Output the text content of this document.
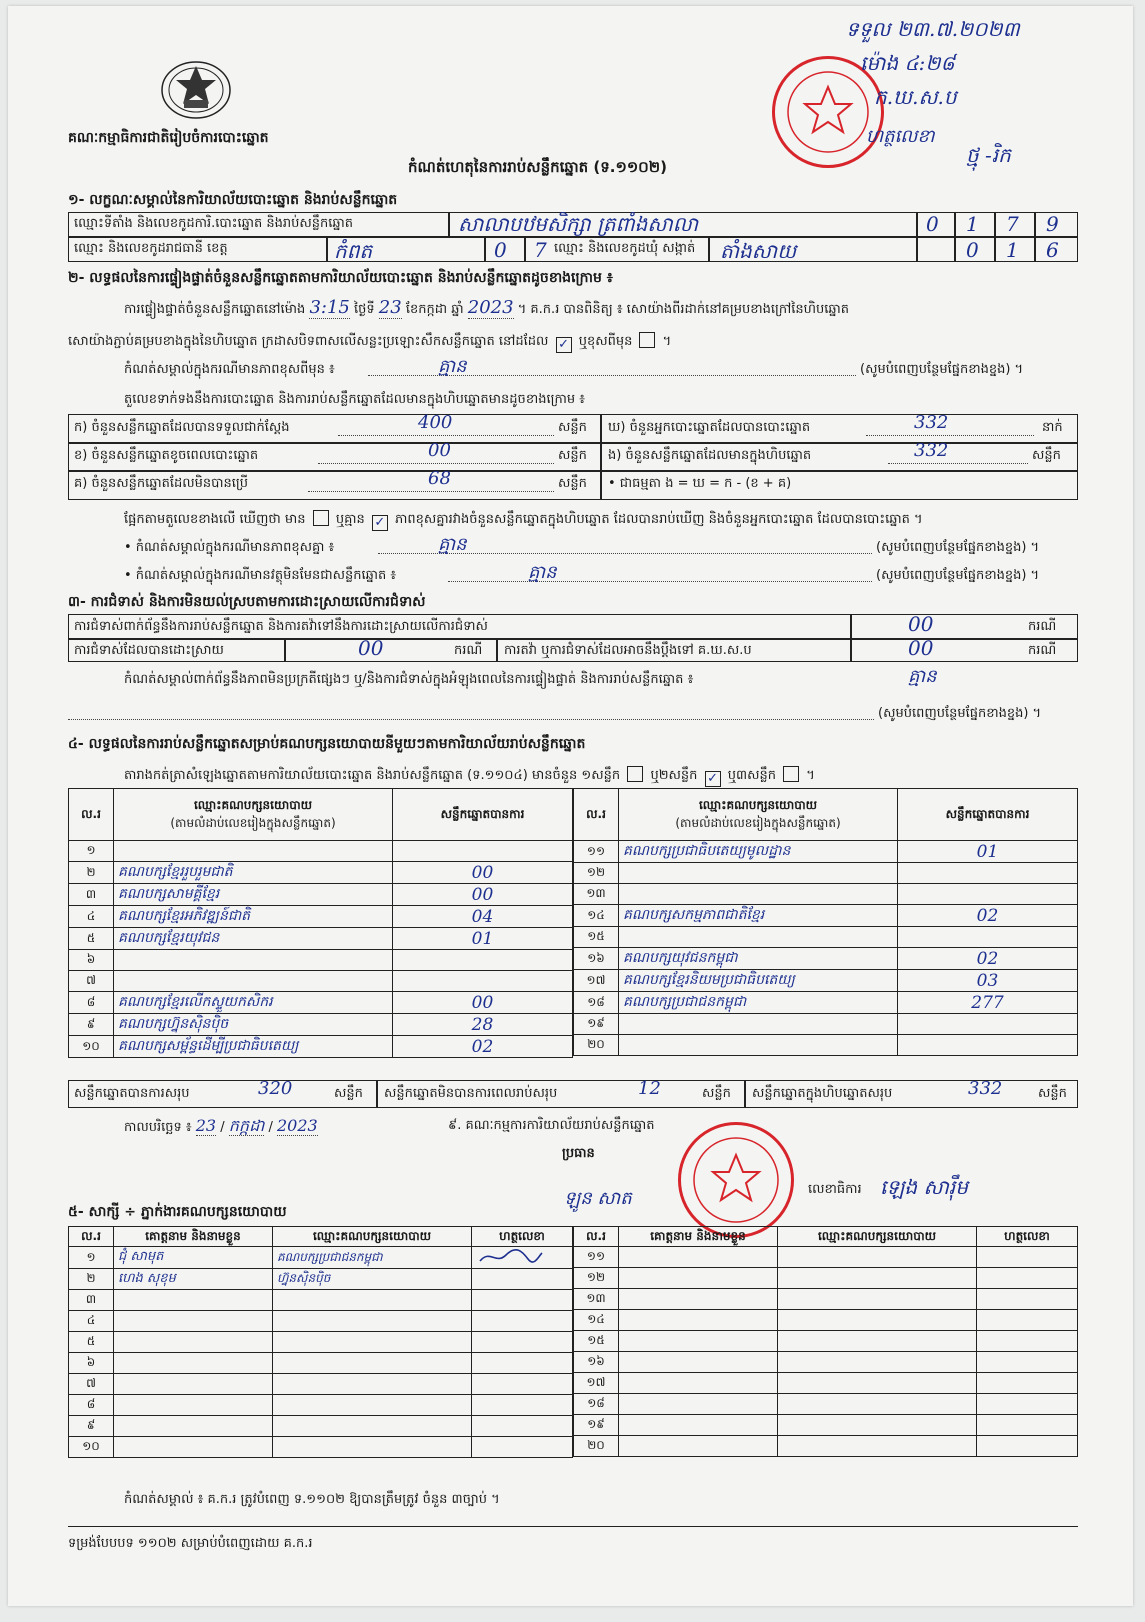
គណៈកម្មាធិការជាតិរៀបចំការបោះឆ្នោត
ទទួល ២៣.៧.២០២៣
ម៉ោង ៤:២៨
ក.ឃ.ស.ប
ហត្ថលេខា
ថ្មុ -រិក
កំណត់ហេតុនៃការរាប់សន្លឹកឆ្នោត (ទ.១១០២)
១- លក្ខណៈសម្គាល់នៃការិយាល័យបោះឆ្នោត និងរាប់សន្លឹកឆ្នោត
ឈ្មោះទីតាំង និងលេខកូដការិ.បោះឆ្នោត និងរាប់សន្លឹកឆ្នោត	សាលាបឋមសិក្សា ត្រពាំងសាលា	0 1 7 9
ឈ្មោះ និងលេខកូដរាជធានី ខេត្ត	កំពត	0 7 ឈ្មោះ និងលេខកូដឃុំ សង្កាត់ តាំងសាយ	0 1 6
២- លទ្ធផលនៃការផ្ទៀងផ្ទាត់ចំនួនសន្លឹកឆ្នោតតាមការិយាល័យបោះឆ្នោត និងរាប់សន្លឹកឆ្នោតដូចខាងក្រោម ៖
ការផ្ទៀងផ្ទាត់ចំនួនសន្លឹកឆ្នោតនៅម៉ោង 3:15 ថ្ងៃទី 23 ខែកក្កដា ឆ្នាំ 2023 ។ គ.ក.រ បានពិនិត្យ ៖ សោយ៉ាងពីរដាក់នៅគម្របខាងក្រៅនៃហិបឆ្នោត
សោយ៉ាងភ្ជាប់គម្របខាងក្នុងនៃហិបឆ្នោត ក្រដាសបិទពាសលើសន្លះប្រឡោះសឹកសន្លឹកឆ្នោត នៅដដែល ✓ ឬខុសពីមុន  ។
កំណត់សម្គាល់ក្នុងករណីមានភាពខុសពីមុន ៖	គ្មាន	(សូមបំពេញបន្ថែមផ្នែកខាងខ្នង) ។
តួលេខទាក់ទងនឹងការបោះឆ្នោត និងការរាប់សន្លឹកឆ្នោតដែលមានក្នុងហិបឆ្នោតមានដូចខាងក្រោម ៖
ក) ចំនួនសន្លឹកឆ្នោតដែលបានទទួលជាក់ស្តែង	400	សន្លឹក
ខ) ចំនួនសន្លឹកឆ្នោតខូចពេលបោះឆ្នោត	00	សន្លឹក
គ) ចំនួនសន្លឹកឆ្នោតដែលមិនបានប្រើ	68	សន្លឹក
ឃ) ចំនួនអ្នកបោះឆ្នោតដែលបានបោះឆ្នោត	332	នាក់
ង) ចំនួនសន្លឹកឆ្នោតដែលមានក្នុងហិបឆ្នោត	332	សន្លឹក
• ជាធម្មតា ង = ឃ = ក - (ខ + គ)
ផ្អែកតាមតួលេខខាងលើ ឃើញថា មាន ឬគ្មាន ✓ ភាពខុសគ្នារវាងចំនួនសន្លឹកឆ្នោតក្នុងហិបឆ្នោត ដែលបានរាប់ឃើញ និងចំនួនអ្នកបោះឆ្នោត ដែលបានបោះឆ្នោត ។
• កំណត់សម្គាល់ក្នុងករណីមានភាពខុសគ្នា ៖	គ្មាន	(សូមបំពេញបន្ថែមផ្នែកខាងខ្នង) ។
• កំណត់សម្គាល់ក្នុងករណីមានវត្ថុមិនមែនជាសន្លឹកឆ្នោត ៖	គ្មាន	(សូមបំពេញបន្ថែមផ្នែកខាងខ្នង) ។
៣- ការជំទាស់ និងការមិនយល់ស្របតាមការដោះស្រាយលើការជំទាស់
ការជំទាស់ពាក់ព័ន្ធនឹងការរាប់សន្លឹកឆ្នោត និងការតវ៉ាទៅនឹងការដោះស្រាយលើការជំទាស់	00	ករណី
ការជំទាស់ដែលបានដោះស្រាយ	00	ករណី ការតវ៉ា ឬការជំទាស់ដែលអាចនឹងប្តឹងទៅ គ.ឃ.ស.ប	00	ករណី
កំណត់សម្គាល់ពាក់ព័ន្ធនឹងភាពមិនប្រក្រតីផ្សេងៗ ឬ/និងការជំទាស់ក្នុងអំឡុងពេលនៃការផ្ទៀងផ្ទាត់ និងការរាប់សន្លឹកឆ្នោត ៖	គ្មាន
(សូមបំពេញបន្ថែមផ្នែកខាងខ្នង) ។
៤- លទ្ធផលនៃការរាប់សន្លឹកឆ្នោតសម្រាប់គណបក្សនយោបាយនីមួយៗតាមការិយាល័យរាប់សន្លឹកឆ្នោត
តារាងកត់ត្រាសំឡេងឆ្នោតតាមការិយាល័យបោះឆ្នោត និងរាប់សន្លឹកឆ្នោត (ទ.១១០៤) មានចំនួន ១សន្លឹក ឬ២សន្លឹក ✓ ឬ៣សន្លឹក  ។
ល.រ	ឈ្មោះគណបក្សនយោបាយ
(តាមលំដាប់លេខរៀងក្នុងសន្លឹកឆ្នោត)	សន្លឹកឆ្នោតបានការ
១		
២	គណបក្សខ្មែររួបរួមជាតិ	00
៣	គណបក្សសាមគ្គីខ្មែរ	00
៤	គណបក្សខ្មែរអភិវឌ្ឍន៍ជាតិ	04
៥	គណបក្សខ្មែរយុវជន	01
៦		
៧		
៨	គណបក្សខ្មែរលើកស្ទួយកសិករ	00
៩	គណបក្សហ្វ៊ុនស៊ិនប៉ិច	28
១០	គណបក្សសម្ព័ន្ធដើម្បីប្រជាធិបតេយ្យ	02
ល.រ	ឈ្មោះគណបក្សនយោបាយ
(តាមលំដាប់លេខរៀងក្នុងសន្លឹកឆ្នោត)	សន្លឹកឆ្នោតបានការ
១១	គណបក្សប្រជាធិបតេយ្យមូលដ្ឋាន	01
១២		
១៣		
១៤	គណបក្សសកម្មភាពជាតិខ្មែរ	02
១៥		
១៦	គណបក្សយុវជនកម្ពុជា	02
១៧	គណបក្សខ្មែរនិយមប្រជាធិបតេយ្យ	03
១៨	គណបក្សប្រជាជនកម្ពុជា	277
១៩		
២០		
សន្លឹកឆ្នោតបានការសរុប	320	សន្លឹក សន្លឹកឆ្នោតមិនបានការពេលរាប់សរុប	12	សន្លឹក សន្លឹកឆ្នោតក្នុងហិបឆ្នោតសរុប	332	សន្លឹក
កាលបរិច្ឆេទ ៖ 23 / កក្កដា / 2023	៩. គណៈកម្មការការិយាល័យរាប់សន្លឹកឆ្នោត
ប្រធាន
ឡូន សាត	លេខាធិការ ឡេង សារ៉ឹម
៥- សាក្សី ÷ ភ្នាក់ងារគណបក្សនយោបាយ
ល.រ	គោត្តនាម និងនាមខ្លួន	ឈ្មោះគណបក្សនយោបាយ	ហត្ថលេខា
១	ជុំ សាមុត	គណបក្សប្រជាជនកម្ពុជា	
២	ហេង សុខុម	ហ្វ៊ុនស៊ិនប៉ិច	
៣			
៤			
៥			
៦			
៧			
៨			
៩			
១០			
ល.រ	គោត្តនាម និងនាមខ្លួន	ឈ្មោះគណបក្សនយោបាយ	ហត្ថលេខា
១១			
១២			
១៣			
១៤			
១៥			
១៦			
១៧			
១៨			
១៩			
២០			
កំណត់សម្គាល់ ៖ គ.ក.រ ត្រូវបំពេញ ទ.១១០២ ឱ្យបានត្រឹមត្រូវ ចំនួន ៣ច្បាប់ ។
ទម្រង់បែបបទ ១១០២ សម្រាប់បំពេញដោយ គ.ក.រ
